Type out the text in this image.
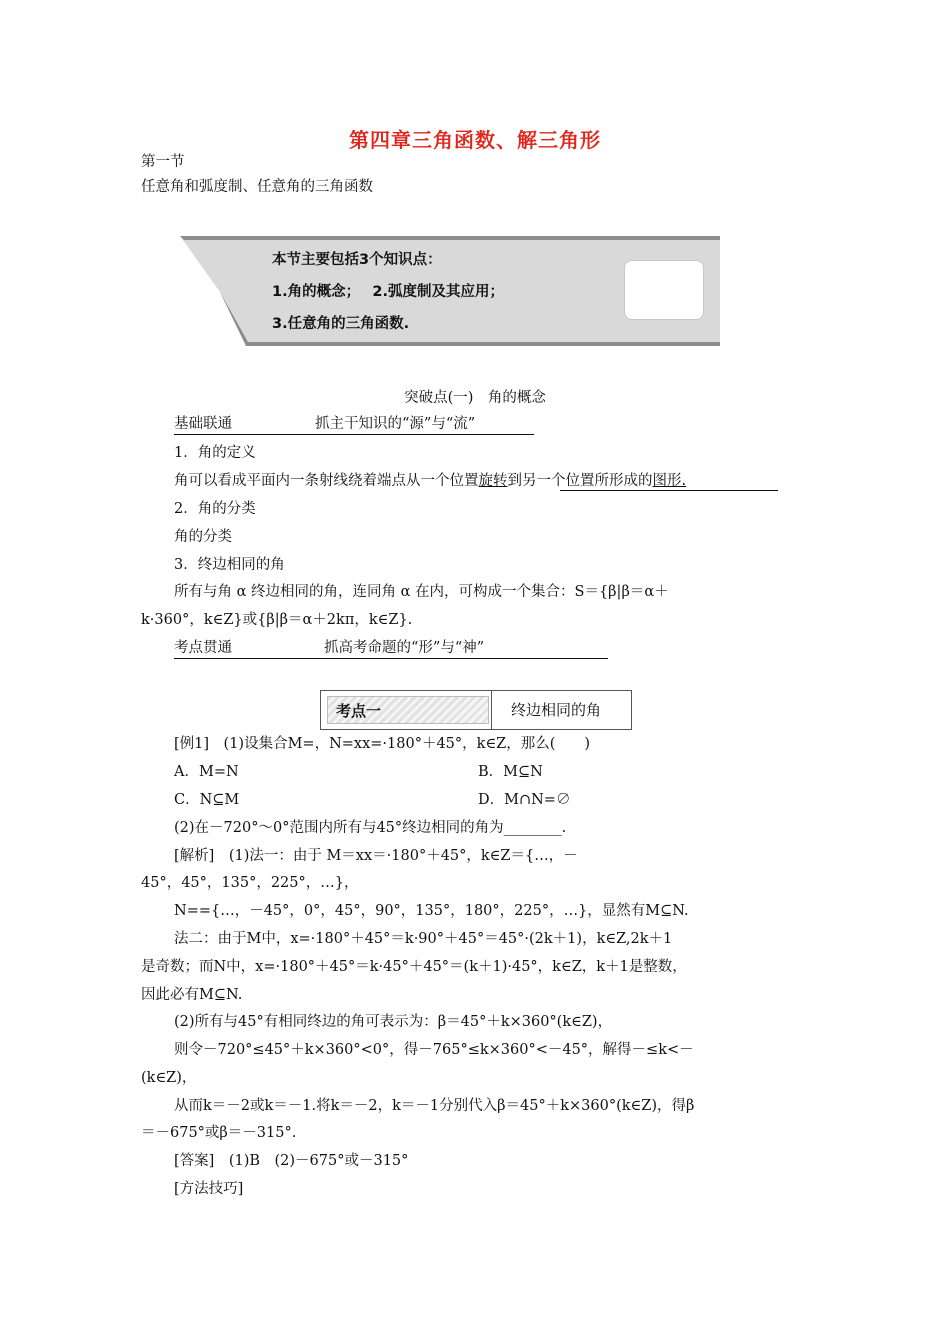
第四章三角函数、解三角形
第一节
任意角和弧度制、任意角的三角函数
本节主要包括3个知识点：
1.角的概念；　 2.弧度制及其应用；
3.任意角的三角函数.
突破点(一)　角的概念
基础联通	抓主干知识的“源”与“流”
1．角的定义
角可以看成平面内一条射线绕着端点从一个位置旋转到另一个位置所形成的图形.
2．角的分类
角的分类
3．终边相同的角
所有与角 α 终边相同的角，连同角 α 在内，可构成一个集合：S＝{β|β＝α＋
k·360°，k∈Z}或{β|β＝α＋2kπ，k∈Z}.
考点贯通	抓高考命题的“形”与“神”
考点一	终边相同的角
[例1]　(1)设集合M=，N=xx=·180°＋45°，k∈Z，那么(　　)
A．M=N	B．M⊆N
C．N⊆M	D．M∩N=∅
(2)在－720°～0°范围内所有与45°终边相同的角为________.
[解析]　(1)法一：由于 M＝xx＝·180°＋45°，k∈Z＝{…，－
45°，45°，135°，225°，…}，
N=={…，－45°，0°，45°，90°，135°，180°，225°，…}，显然有M⊆N.
法二：由于M中，x=·180°＋45°＝k·90°＋45°＝45°·(2k＋1)，k∈Z,2k＋1
是奇数；而N中，x=·180°＋45°＝k·45°＋45°＝(k＋1)·45°，k∈Z，k＋1是整数，
因此必有M⊆N.
(2)所有与45°有相同终边的角可表示为：β＝45°＋k×360°(k∈Z)，
则令－720°≤45°＋k×360°<0°，得－765°≤k×360°<－45°，解得－≤k<－
(k∈Z)，
从而k＝－2或k＝－1.将k＝－2，k＝－1分别代入β＝45°＋k×360°(k∈Z)，得β
＝－675°或β＝－315°.
[答案]　(1)B　(2)－675°或－315°
[方法技巧]
